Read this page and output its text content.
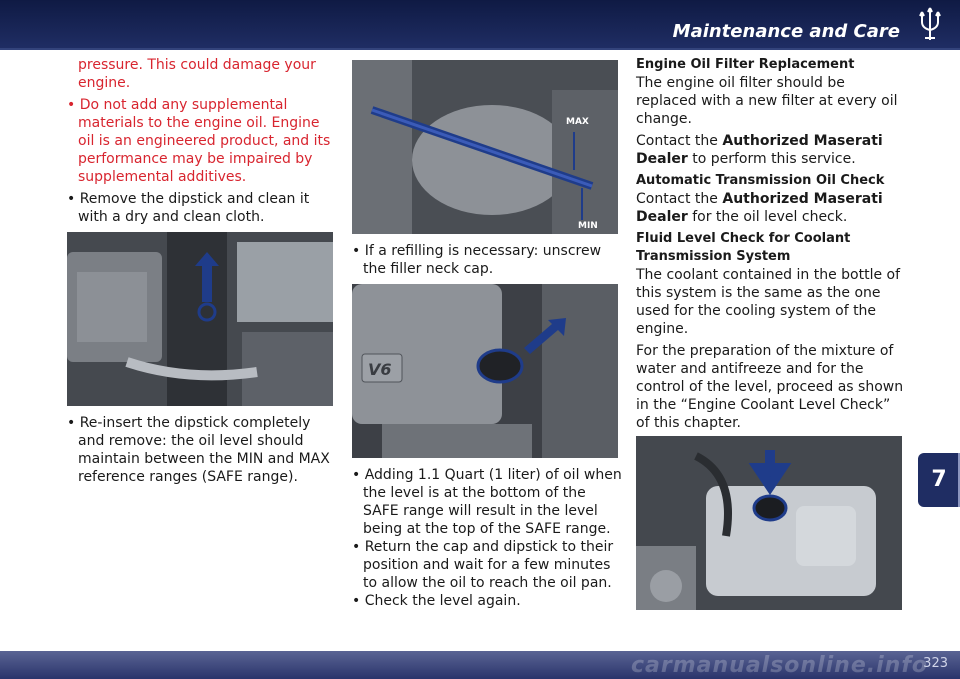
Maintenance and Care

pressure. This could damage your engine.

• Do not add any supplemental materials to the engine oil. Engine oil is an engineered product, and its performance may be impaired by supplemental additives.

• Remove the dipstick and clean it with a dry and clean cloth.

• Re-insert the dipstick completely and remove: the oil level should maintain between the MIN and MAX reference ranges (SAFE range).

MAX
MIN

• If a refilling is necessary: unscrew the filler neck cap.

V6

• Adding 1.1 Quart (1 liter) of oil when the level is at the bottom of the SAFE range will result in the level being at the top of the SAFE range.

• Return the cap and dipstick to their position and wait for a few minutes to allow the oil to reach the oil pan.

• Check the level again.

Engine Oil Filter Replacement

The engine oil filter should be replaced with a new filter at every oil change.

Contact the Authorized Maserati Dealer to perform this service.

Automatic Transmission Oil Check

Contact the Authorized Maserati Dealer for the oil level check.

Fluid Level Check for Coolant Transmission System

The coolant contained in the bottle of this system is the same as the one used for the cooling system of the engine.

For the preparation of the mixture of water and antifreeze and for the control of the level, proceed as shown in the “Engine Coolant Level Check” of this chapter.

7
carmanualsonline.info
323
